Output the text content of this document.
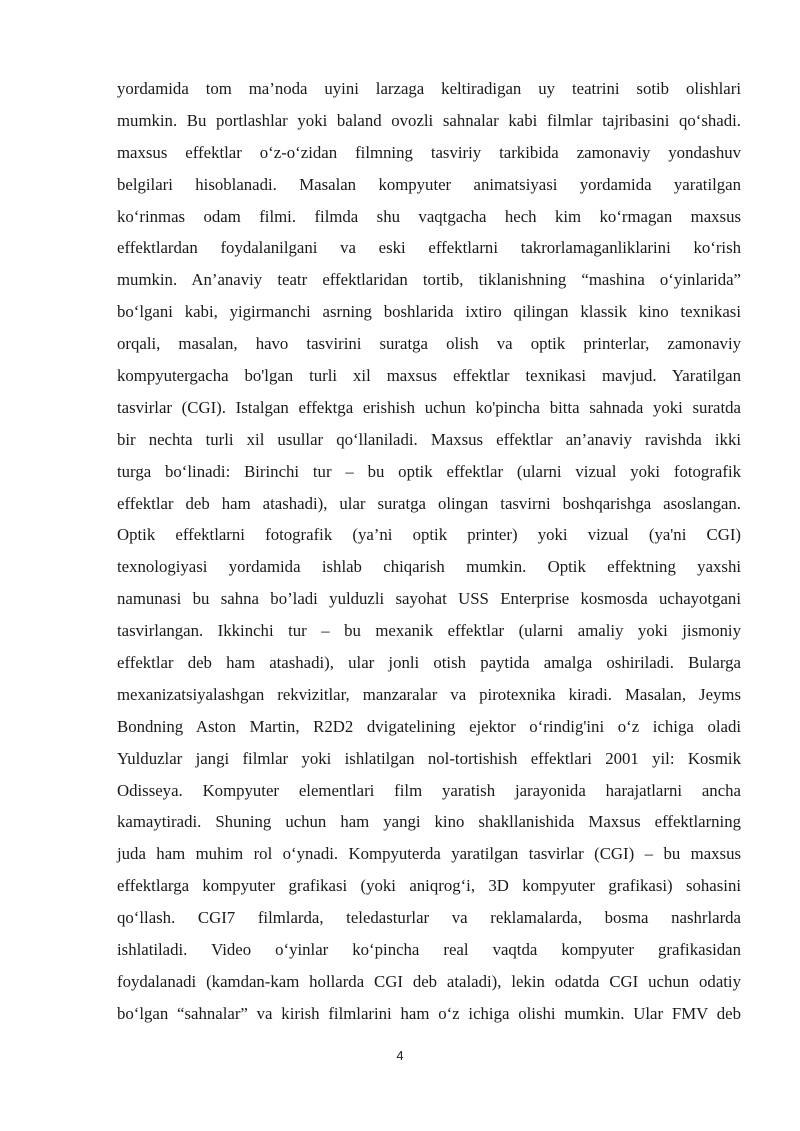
yordamida tom ma’noda uyini larzaga keltiradigan uy teatrini sotib olishlari
mumkin. Bu portlashlar yoki baland ovozli sahnalar kabi filmlar tajribasini qo‘shadi.
maxsus effektlar o‘z-o‘zidan filmning tasviriy tarkibida zamonaviy yondashuv
belgilari hisoblanadi. Masalan kompyuter animatsiyasi yordamida yaratilgan
ko‘rinmas odam filmi. filmda shu vaqtgacha hech kim ko‘rmagan maxsus
effektlardan foydalanilgani va eski effektlarni takrorlamaganliklarini ko‘rish
mumkin. An’anaviy teatr effektlaridan tortib, tiklanishning “mashina o‘yinlarida”
bo‘lgani kabi, yigirmanchi asrning boshlarida ixtiro qilingan klassik kino texnikasi
orqali, masalan, havo tasvirini suratga olish va optik printerlar, zamonaviy
kompyutergacha bo'lgan turli xil maxsus effektlar texnikasi mavjud. Yaratilgan
tasvirlar (CGI). Istalgan effektga erishish uchun ko'pincha bitta sahnada yoki suratda
bir nechta turli xil usullar qo‘llaniladi. Maxsus effektlar an’anaviy ravishda ikki
turga bo‘linadi: Birinchi tur – bu optik effektlar (ularni vizual yoki fotografik
effektlar deb ham atashadi), ular suratga olingan tasvirni boshqarishga asoslangan.
Optik effektlarni fotografik (ya’ni optik printer) yoki vizual (ya'ni CGI)
texnologiyasi yordamida ishlab chiqarish mumkin. Optik effektning yaxshi
namunasi bu sahna bo’ladi yulduzli sayohat USS Enterprise kosmosda uchayotgani
tasvirlangan. Ikkinchi tur – bu mexanik effektlar (ularni amaliy yoki jismoniy
effektlar deb ham atashadi), ular jonli otish paytida amalga oshiriladi. Bularga
mexanizatsiyalashgan rekvizitlar, manzaralar va pirotexnika kiradi. Masalan, Jeyms
Bondning Aston Martin, R2D2 dvigatelining ejektor o‘rindig'ini o‘z ichiga oladi
Yulduzlar jangi filmlar yoki ishlatilgan nol-tortishish effektlari 2001 yil: Kosmik
Odisseya. Kompyuter elementlari film yaratish jarayonida harajatlarni ancha
kamaytiradi. Shuning uchun ham yangi kino shakllanishida Maxsus effektlarning
juda ham muhim rol o‘ynadi. Kompyuterda yaratilgan tasvirlar (CGI) – bu maxsus
effektlarga kompyuter grafikasi (yoki aniqrog‘i, 3D kompyuter grafikasi) sohasini
qo‘llash. CGI7 filmlarda, teledasturlar va reklamalarda, bosma nashrlarda
ishlatiladi. Video o‘yinlar ko‘pincha real vaqtda kompyuter grafikasidan
foydalanadi (kamdan-kam hollarda CGI deb ataladi), lekin odatda CGI uchun odatiy
bo‘lgan “sahnalar” va kirish filmlarini ham o‘z ichiga olishi mumkin. Ular FMV deb
4
